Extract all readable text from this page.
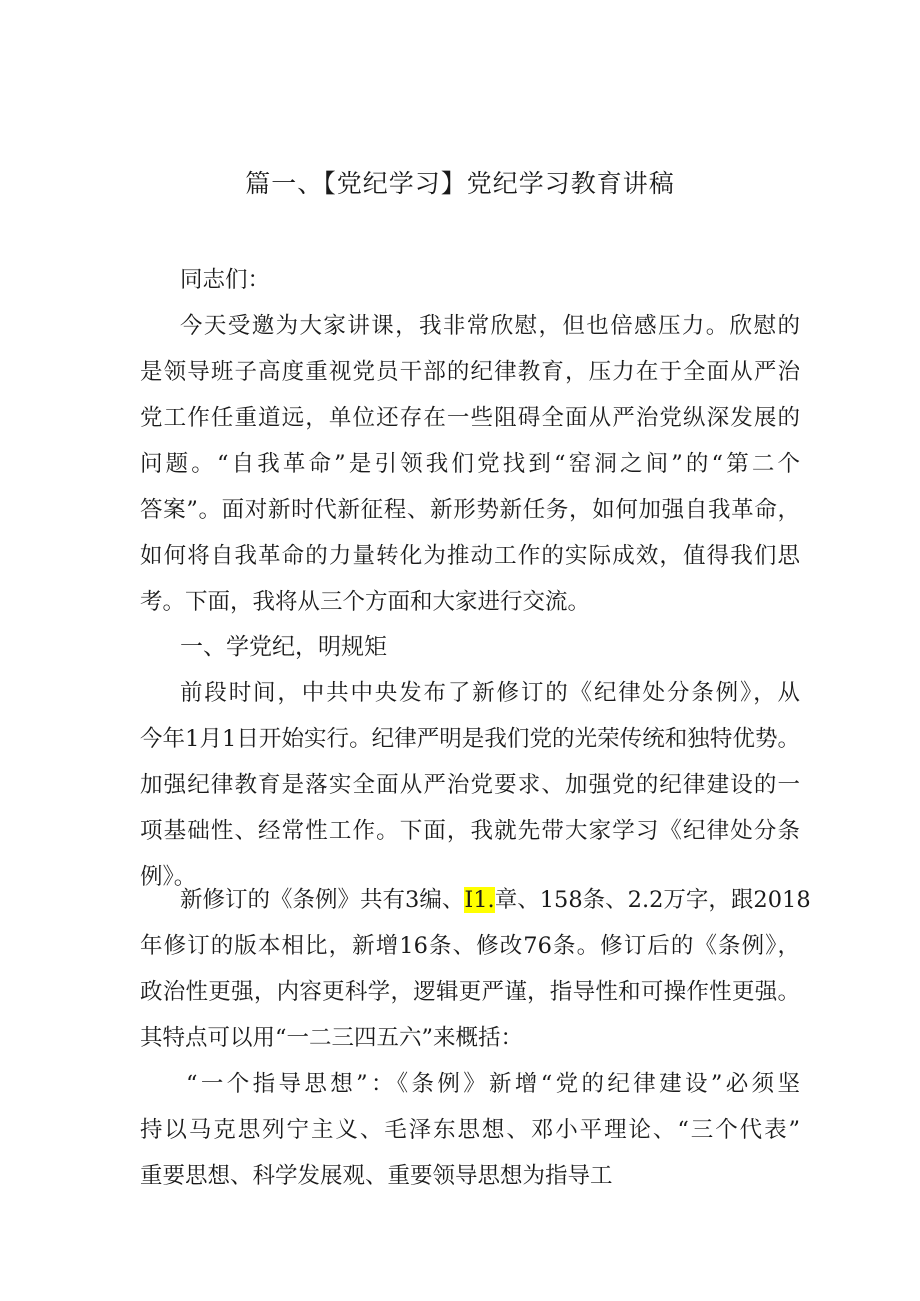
篇一、【党纪学习】党纪学习教育讲稿
同志们：
今天受邀为大家讲课，我非常欣慰，但也倍感压力。欣慰的
是领导班子高度重视党员干部的纪律教育，压力在于全面从严治
党工作任重道远，单位还存在一些阻碍全面从严治党纵深发展的
问题。“自我革命”是引领我们党找到“窑洞之间”的“第二个
答案”。面对新时代新征程、新形势新任务，如何加强自我革命，
如何将自我革命的力量转化为推动工作的实际成效，值得我们思
考。下面，我将从三个方面和大家进行交流。
一、学党纪，明规矩
前段时间，中共中央发布了新修订的《纪律处分条例》，从
今年1月1日开始实行。纪律严明是我们党的光荣传统和独特优势。
加强纪律教育是落实全面从严治党要求、加强党的纪律建设的一
项基础性、经常性工作。下面，我就先带大家学习《纪律处分条
例》。
新修订的《条例》共有3编、I1.章、158条、2.2万字，跟2018
年修订的版本相比，新增16条、修改76条。修订后的《条例》，
政治性更强，内容更科学，逻辑更严谨，指导性和可操作性更强。
其特点可以用“一二三四五六”来概括：
“一个指导思想”：《条例》新增“党的纪律建设”必须坚
持以马克思列宁主义、毛泽东思想、邓小平理论、“三个代表”
重要思想、科学发展观、重要领导思想为指导工
